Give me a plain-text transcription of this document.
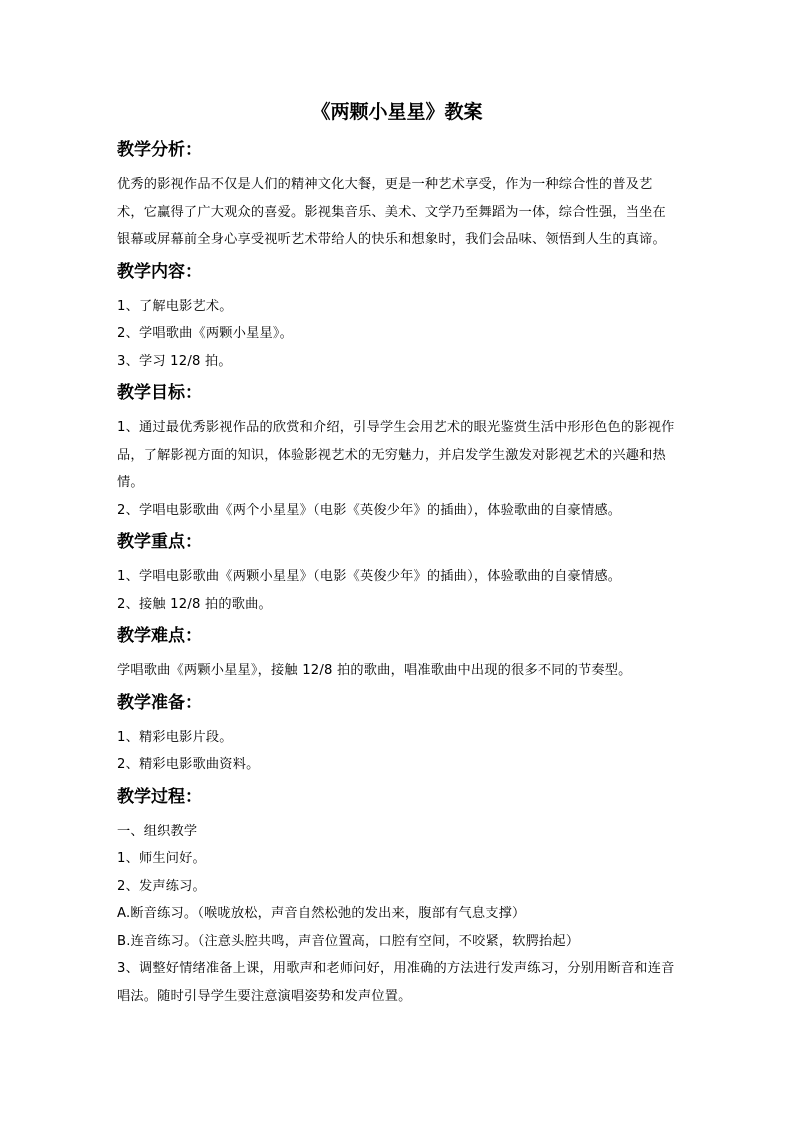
《两颗小星星》教案
教学分析：

优秀的影视作品不仅是人们的精神文化大餐，更是一种艺术享受，作为一种综合性的普及艺术，它赢得了广大观众的喜爱。影视集音乐、美术、文学乃至舞蹈为一体，综合性强，当坐在银幕或屏幕前全身心享受视听艺术带给人的快乐和想象时，我们会品味、领悟到人生的真谛。

教学内容：

1、了解电影艺术。

2、学唱歌曲《两颗小星星》。

3、学习 12/8 拍。

教学目标：

1、通过最优秀影视作品的欣赏和介绍，引导学生会用艺术的眼光鉴赏生活中形形色色的影视作品，了解影视方面的知识，体验影视艺术的无穷魅力，并启发学生激发对影视艺术的兴趣和热情。

2、学唱电影歌曲《两个小星星》（电影《英俊少年》的插曲），体验歌曲的自豪情感。

教学重点：

1、学唱电影歌曲《两颗小星星》（电影《英俊少年》的插曲），体验歌曲的自豪情感。

2、接触 12/8 拍的歌曲。

教学难点：

学唱歌曲《两颗小星星》，接触 12/8 拍的歌曲，唱准歌曲中出现的很多不同的节奏型。

教学准备：

1、精彩电影片段。

2、精彩电影歌曲资料。

教学过程：

一、组织教学

1、师生问好。

2、发声练习。

A.断音练习。（喉咙放松，声音自然松弛的发出来，腹部有气息支撑）

B.连音练习。（注意头腔共鸣，声音位置高，口腔有空间，不咬紧，软腭抬起）

3、调整好情绪准备上课，用歌声和老师问好，用准确的方法进行发声练习，分别用断音和连音唱法。随时引导学生要注意演唱姿势和发声位置。
